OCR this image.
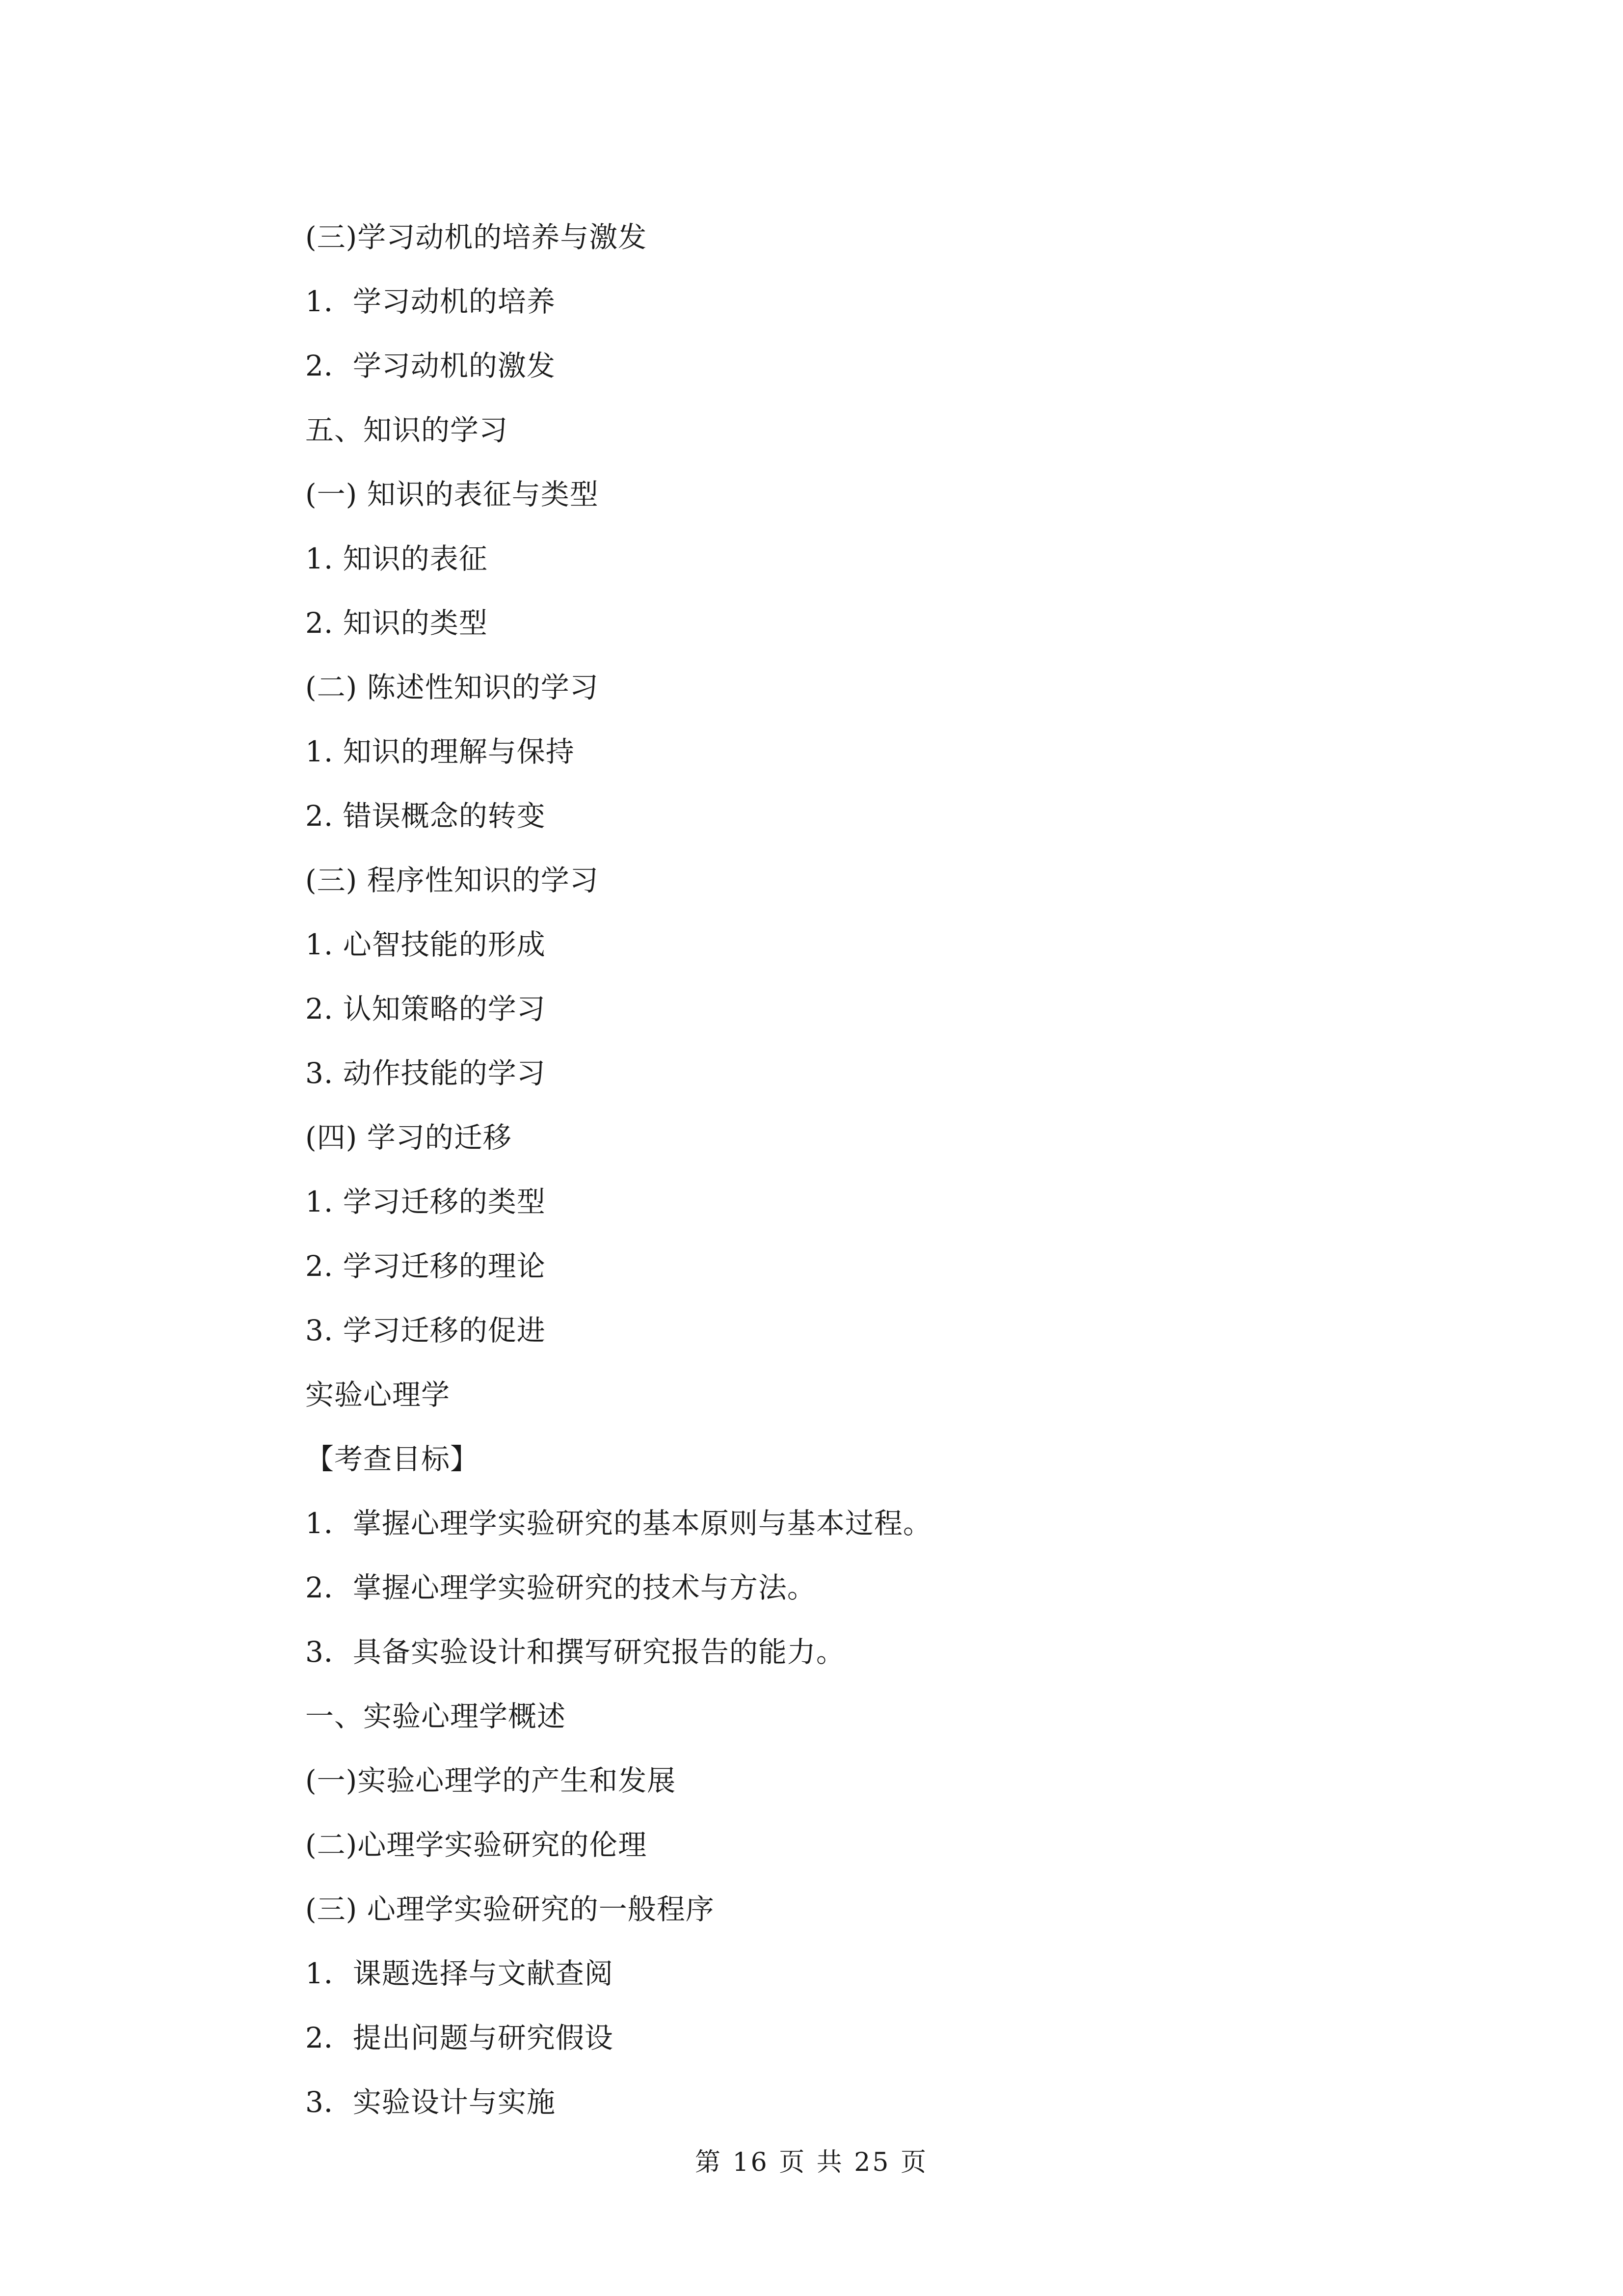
(三)学习动机的培养与激发
1．学习动机的培养
2．学习动机的激发
五、知识的学习
(一) 知识的表征与类型
1. 知识的表征
2. 知识的类型
(二) 陈述性知识的学习
1. 知识的理解与保持
2. 错误概念的转变
(三) 程序性知识的学习
1. 心智技能的形成
2. 认知策略的学习
3. 动作技能的学习
(四) 学习的迁移
1. 学习迁移的类型
2. 学习迁移的理论
3. 学习迁移的促进
实验心理学
【考查目标】
1．掌握心理学实验研究的基本原则与基本过程。
2．掌握心理学实验研究的技术与方法。
3．具备实验设计和撰写研究报告的能力。
一、实验心理学概述
(一)实验心理学的产生和发展
(二)心理学实验研究的伦理
(三) 心理学实验研究的一般程序
1．课题选择与文献查阅
2．提出问题与研究假设
3．实验设计与实施
第 16 页 共 25 页
